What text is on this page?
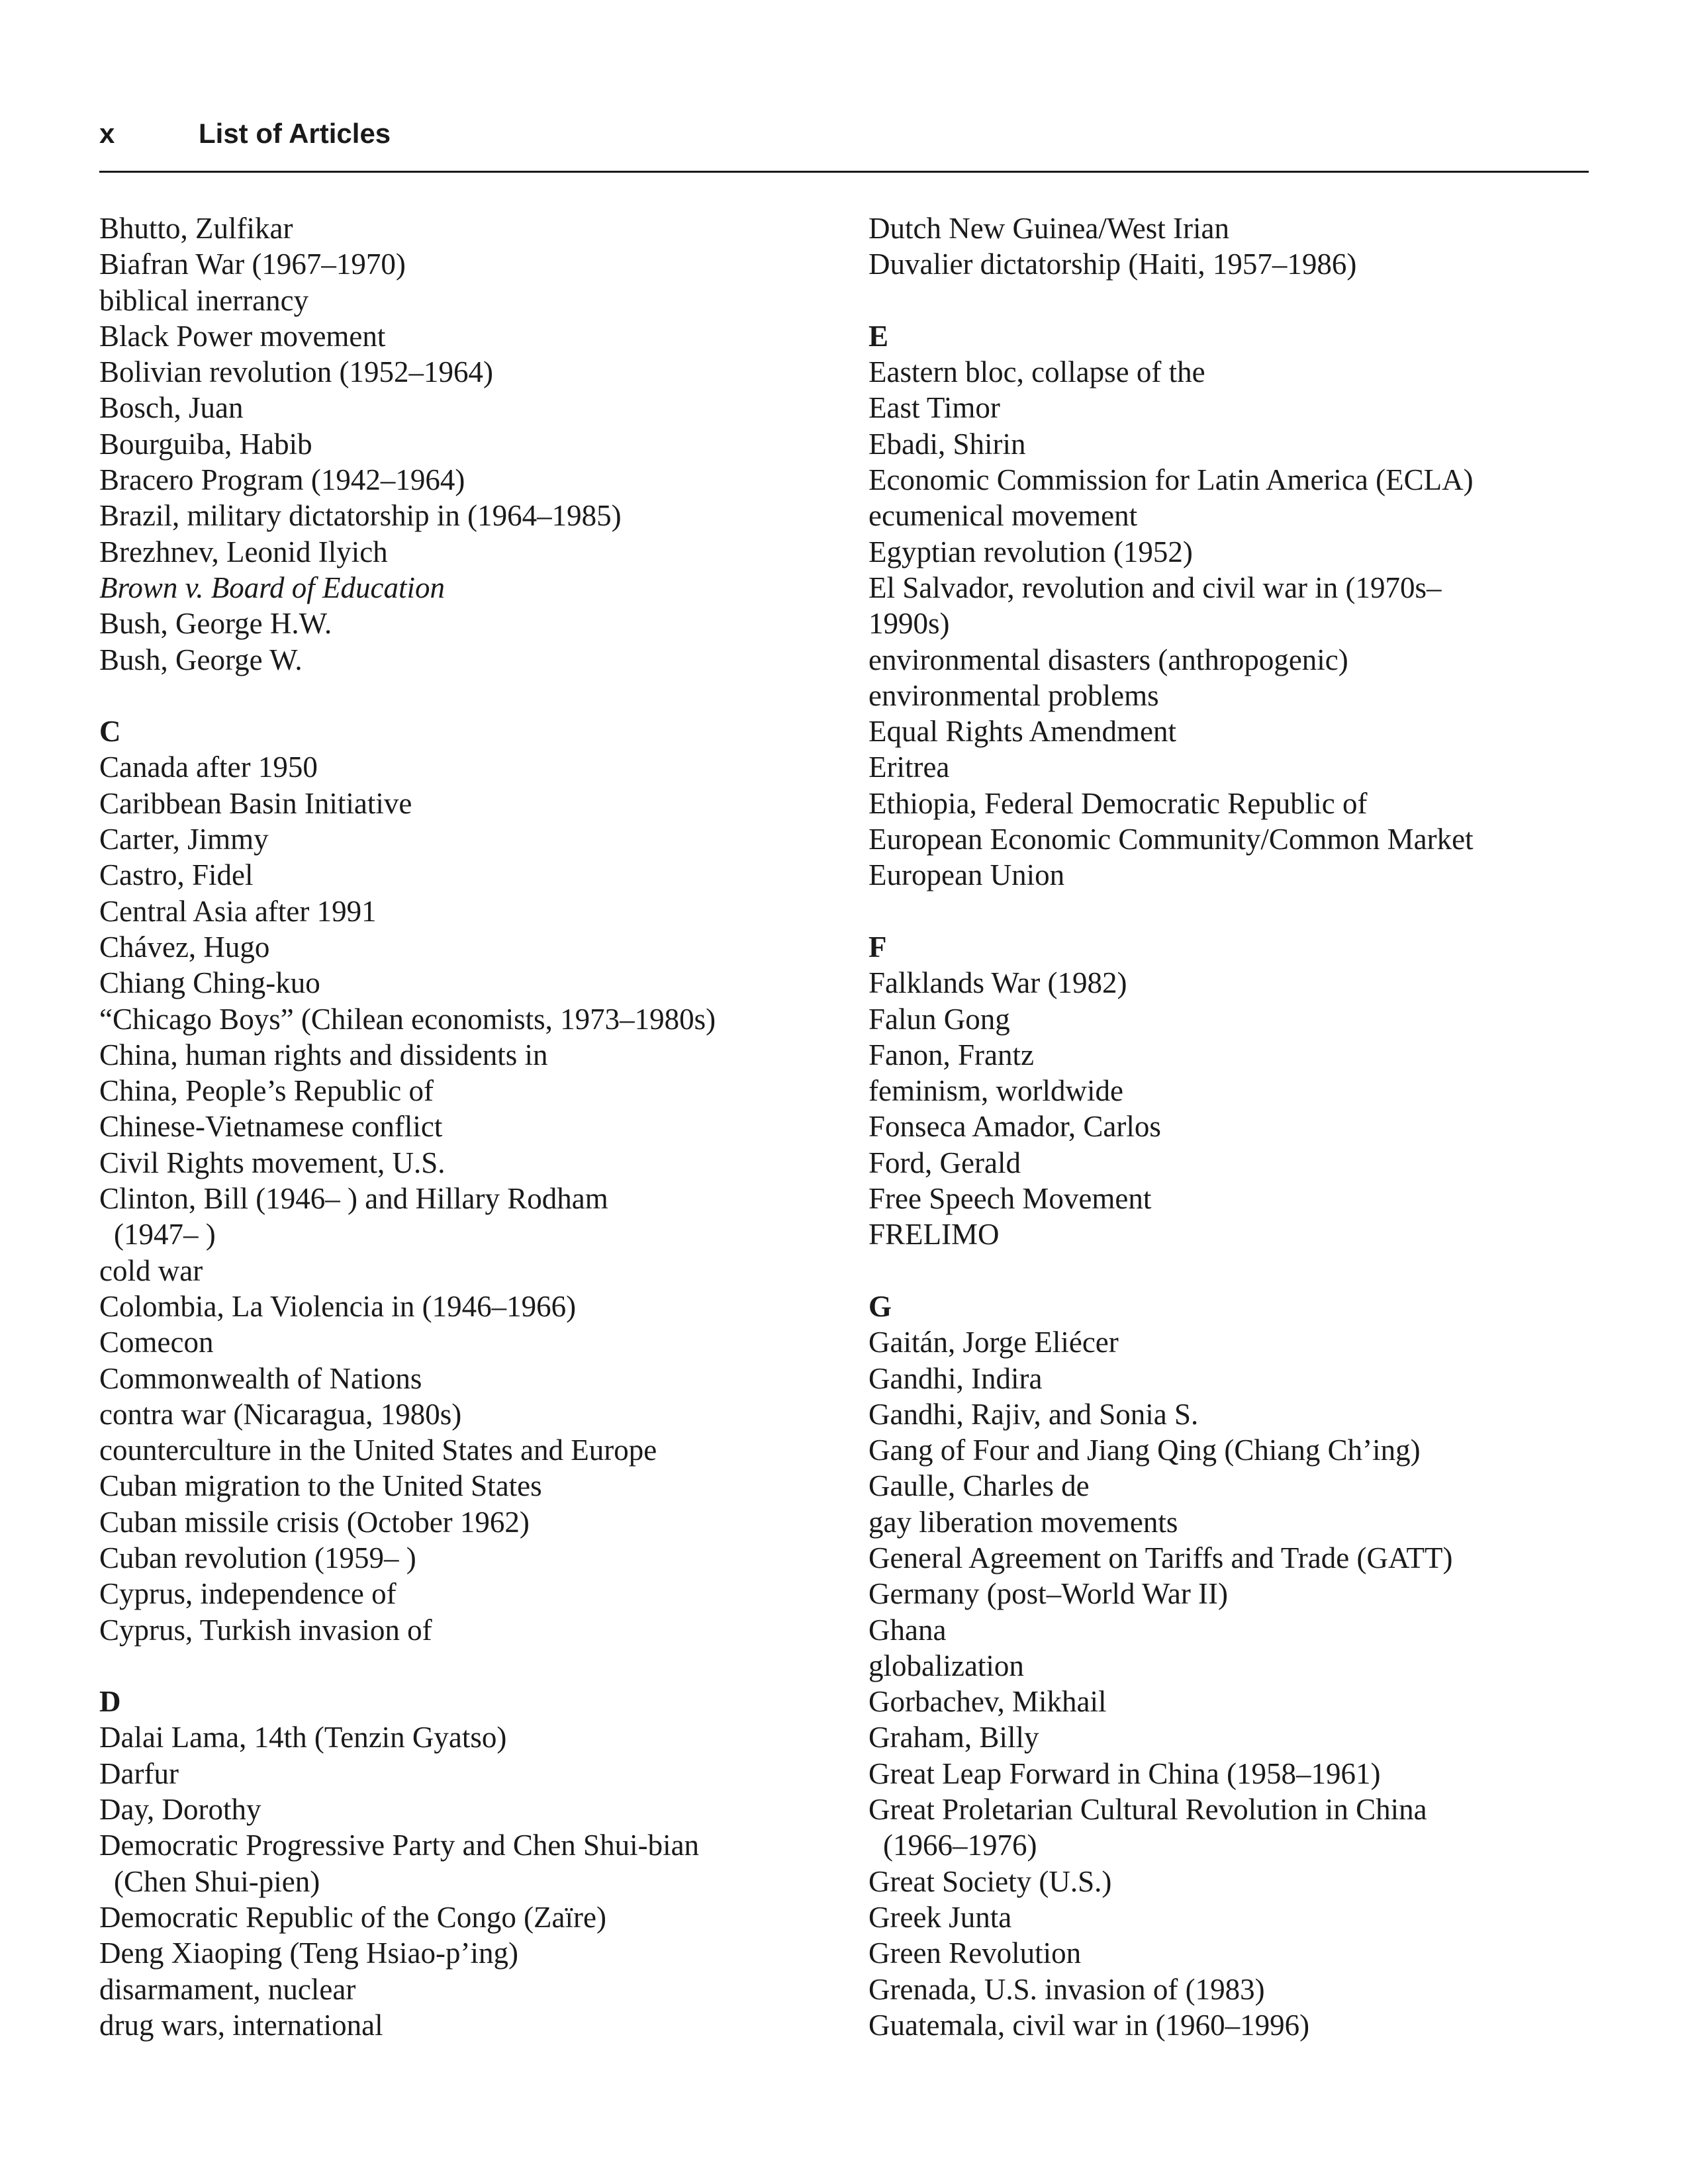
x	List of Articles
Bhutto, Zulfikar
Biafran War (1967–1970)
biblical inerrancy
Black Power movement
Bolivian revolution (1952–1964)
Bosch, Juan
Bourguiba, Habib
Bracero Program (1942–1964)
Brazil, military dictatorship in (1964–1985)
Brezhnev, Leonid Ilyich
Brown v. Board of Education
Bush, George H.W.
Bush, George W.
C
Canada after 1950
Caribbean Basin Initiative
Carter, Jimmy
Castro, Fidel
Central Asia after 1991
Chávez, Hugo
Chiang Ching-kuo
“Chicago Boys” (Chilean economists, 1973–1980s)
China, human rights and dissidents in
China, People’s Republic of
Chinese-Vietnamese conflict
Civil Rights movement, U.S.
Clinton, Bill (1946– ) and Hillary Rodham
(1947– )
cold war
Colombia, La Violencia in (1946–1966)
Comecon
Commonwealth of Nations
contra war (Nicaragua, 1980s)
counterculture in the United States and Europe
Cuban migration to the United States
Cuban missile crisis (October 1962)
Cuban revolution (1959– )
Cyprus, independence of
Cyprus, Turkish invasion of
D
Dalai Lama, 14th (Tenzin Gyatso)
Darfur
Day, Dorothy
Democratic Progressive Party and Chen Shui-bian
(Chen Shui-pien)
Democratic Republic of the Congo (Zaïre)
Deng Xiaoping (Teng Hsiao-p’ing)
disarmament, nuclear
drug wars, international
Dutch New Guinea/West Irian
Duvalier dictatorship (Haiti, 1957–1986)
E
Eastern bloc, collapse of the
East Timor
Ebadi, Shirin
Economic Commission for Latin America (ECLA)
ecumenical movement
Egyptian revolution (1952)
El Salvador, revolution and civil war in (1970s–
1990s)
environmental disasters (anthropogenic)
environmental problems
Equal Rights Amendment
Eritrea
Ethiopia, Federal Democratic Republic of
European Economic Community/Common Market
European Union
F
Falklands War (1982)
Falun Gong
Fanon, Frantz
feminism, worldwide
Fonseca Amador, Carlos
Ford, Gerald
Free Speech Movement
FRELIMO
G
Gaitán, Jorge Eliécer
Gandhi, Indira
Gandhi, Rajiv, and Sonia S.
Gang of Four and Jiang Qing (Chiang Ch’ing)
Gaulle, Charles de
gay liberation movements
General Agreement on Tariffs and Trade (GATT)
Germany (post–World War II)
Ghana
globalization
Gorbachev, Mikhail
Graham, Billy
Great Leap Forward in China (1958–1961)
Great Proletarian Cultural Revolution in China
(1966–1976)
Great Society (U.S.)
Greek Junta
Green Revolution
Grenada, U.S. invasion of (1983)
Guatemala, civil war in (1960–1996)
